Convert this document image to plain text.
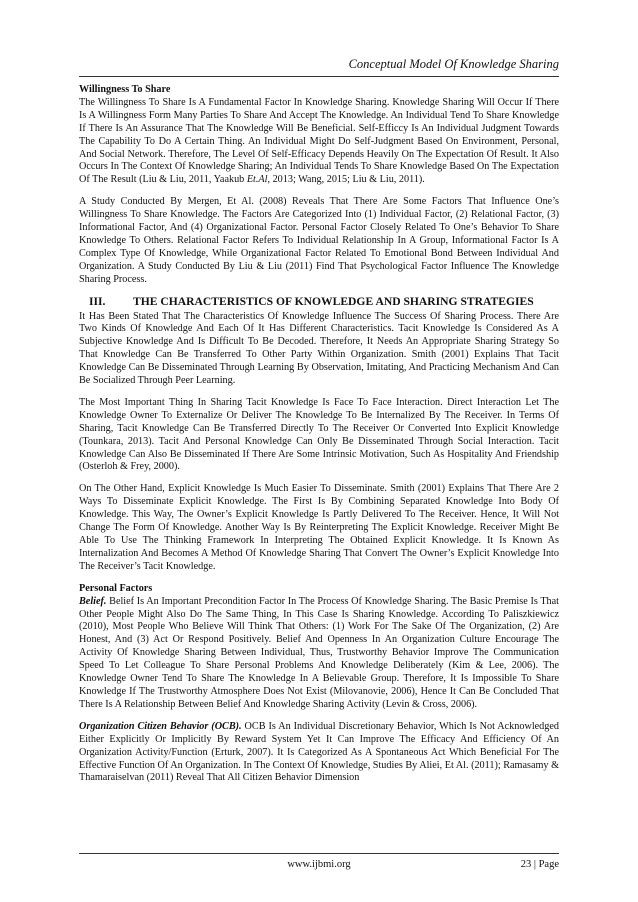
Conceptual Model Of Knowledge Sharing
Willingness To Share

The Willingness To Share Is A Fundamental Factor In Knowledge Sharing. Knowledge Sharing Will Occur If There Is A Willingness Form Many Parties To Share And Accept The Knowledge. An Individual Tend To Share Knowledge If There Is An Assurance That The Knowledge Will Be Beneficial. Self-Efficcy Is An Individual Judgment Towards The Capability To Do A Certain Thing. An Individual Might Do Self-Judgment Based On Environment, Personal, And Social Network. Therefore, The Level Of Self-Efficacy Depends Heavily On The Expectation Of Result. It Also Occurs In The Context Of Knowledge Sharing; An Individual Tends To Share Knowledge Based On The Expectation Of The Result (Liu & Liu, 2011, Yaakub Et.Al, 2013; Wang, 2015; Liu & Liu, 2011).

A Study Conducted By Mergen, Et Al. (2008) Reveals That There Are Some Factors That Influence One’s Willingness To Share Knowledge. The Factors Are Categorized Into (1) Individual Factor, (2) Relational Factor, (3) Informational Factor, And (4) Organizational Factor. Personal Factor Closely Related To One’s Behavior To Share Knowledge To Others. Relational Factor Refers To Individual Relationship In A Group, Informational Factor Is A Complex Type Of Knowledge, While Organizational Factor Related To Emotional Bond Between Individual And Organization. A Study Conducted By Liu & Liu (2011) Find That Psychological Factor Influence The Knowledge Sharing Process.

III. THE CHARACTERISTICS OF KNOWLEDGE AND SHARING STRATEGIES

It Has Been Stated That The Characteristics Of Knowledge Influence The Success Of Sharing Process. There Are Two Kinds Of Knowledge And Each Of It Has Different Characteristics. Tacit Knowledge Is Considered As A Subjective Knowledge And Is Difficult To Be Decoded. Therefore, It Needs An Appropriate Sharing Strategy So That Knowledge Can Be Transferred To Other Party Within Organization. Smith (2001) Explains That Tacit Knowledge Can Be Disseminated Through Learning By Observation, Imitating, And Practicing Mechanism And Can Be Socialized Through Peer Learning.

The Most Important Thing In Sharing Tacit Knowledge Is Face To Face Interaction. Direct Interaction Let The Knowledge Owner To Externalize Or Deliver The Knowledge To Be Internalized By The Receiver. In Terms Of Sharing, Tacit Knowledge Can Be Transferred Directly To The Receiver Or Converted Into Explicit Knowledge (Tounkara, 2013). Tacit And Personal Knowledge Can Only Be Disseminated Through Social Interaction. Tacit Knowledge Can Also Be Disseminated If There Are Some Intrinsic Motivation, Such As Hospitality And Friendship (Osterloh & Frey, 2000).

On The Other Hand, Explicit Knowledge Is Much Easier To Disseminate. Smith (2001) Explains That There Are 2 Ways To Disseminate Explicit Knowledge. The First Is By Combining Separated Knowledge Into Body Of Knowledge. This Way, The Owner’s Explicit Knowledge Is Partly Delivered To The Receiver. Hence, It Will Not Change The Form Of Knowledge. Another Way Is By Reinterpreting The Explicit Knowledge. Receiver Might Be Able To Use The Thinking Framework In Interpreting The Obtained Explicit Knowledge. It Is Known As Internalization And Becomes A Method Of Knowledge Sharing That Convert The Owner’s Explicit Knowledge Into The Receiver’s Tacit Knowledge.

Personal Factors

Belief. Belief Is An Important Precondition Factor In The Process Of Knowledge Sharing. The Basic Premise Is That Other People Might Also Do The Same Thing, In This Case Is Sharing Knowledge. According To Paliszkiewicz (2010), Most People Who Believe Will Think That Others: (1) Work For The Sake Of The Organization, (2) Are Honest, And (3) Act Or Respond Positively. Belief And Openness In An Organization Culture Encourage The Activity Of Knowledge Sharing Between Individual, Thus, Trustworthy Behavior Improve The Communication Speed To Let Colleague To Share Personal Problems And Knowledge Deliberately (Kim & Lee, 2006). The Knowledge Owner Tend To Share The Knowledge In A Believable Group. Therefore, It Is Impossible To Share Knowledge If The Trustworthy Atmosphere Does Not Exist (Milovanovie, 2006), Hence It Can Be Concluded That There Is A Relationship Between Belief And Knowledge Sharing Activity (Levin & Cross, 2006).

Organization Citizen Behavior (OCB). OCB Is An Individual Discretionary Behavior, Which Is Not Acknowledged Either Explicitly Or Implicitly By Reward System Yet It Can Improve The Efficacy And Efficiency Of An Organization Activity/Function (Erturk, 2007). It Is Categorized As A Spontaneous Act Which Beneficial For The Effective Function Of An Organization. In The Context Of Knowledge, Studies By Aliei, Et Al. (2011); Ramasamy & Thamaraiselvan (2011) Reveal That All Citizen Behavior Dimension

www.ijbmi.org	23 | Page
